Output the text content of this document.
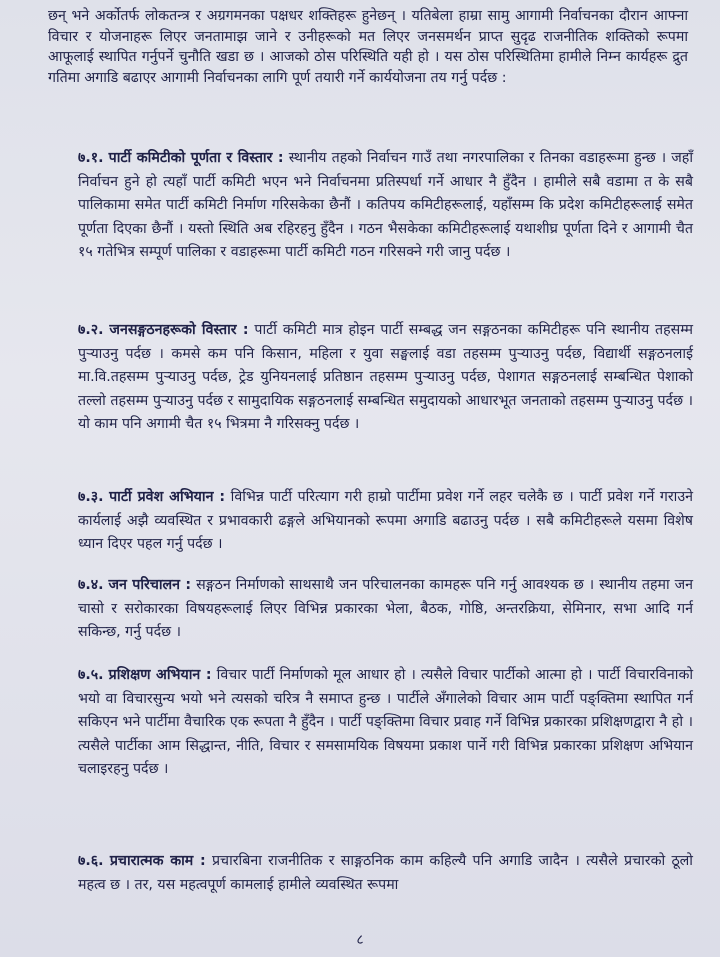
छन् भने अर्कोतर्फ लोकतन्त्र र अग्रगमनका पक्षधर शक्तिहरू हुनेछन् । यतिबेला हाम्रा सामु आगामी निर्वाचनका दौरान आफ्ना विचार र योजनाहरू लिएर जनतामाझ जाने र उनीहरूको मत लिएर जनसमर्थन प्राप्त सुदृढ राजनीतिक शक्तिको रूपमा आफूलाई स्थापित गर्नुपर्ने चुनौति खडा छ । आजको ठोस परिस्थिति यही हो । यस ठोस परिस्थितिमा हामीले निम्न कार्यहरू द्रुत गतिमा अगाडि बढाएर आगामी निर्वाचनका लागि पूर्ण तयारी गर्ने कार्ययोजना तय गर्नु पर्दछ :

७.१. पार्टी कमिटीको पूर्णता र विस्तार : स्थानीय तहको निर्वाचन गाउँ तथा नगरपालिका र तिनका वडाहरूमा हुन्छ । जहाँ निर्वाचन हुने हो त्यहाँ पार्टी कमिटी भएन भने निर्वाचनमा प्रतिस्पर्धा गर्ने आधार नै हुँदैन । हामीले सबै वडामा त के सबै पालिकामा समेत पार्टी कमिटी निर्माण गरिसकेका छैनौं । कतिपय कमिटीहरूलाई, यहाँसम्म कि प्रदेश कमिटीहरूलाई समेत पूर्णता दिएका छैनौं । यस्तो स्थिति अब रहिरहनु हुँदैन । गठन भैसकेका कमिटीहरूलाई यथाशीघ्र पूर्णता दिने र आगामी चैत १५ गतेभित्र सम्पूर्ण पालिका र वडाहरूमा पार्टी कमिटी गठन गरिसक्ने गरी जानु पर्दछ ।

७.२. जनसङ्गठनहरूको विस्तार : पार्टी कमिटी मात्र होइन पार्टी सम्बद्ध जन सङ्गठनका कमिटीहरू पनि स्थानीय तहसम्म पुऱ्याउनु पर्दछ । कमसे कम पनि किसान, महिला र युवा सङ्घलाई वडा तहसम्म पुऱ्याउनु पर्दछ, विद्यार्थी सङ्गठनलाई मा.वि.तहसम्म पुऱ्याउनु पर्दछ, ट्रेड युनियनलाई प्रतिष्ठान तहसम्म पुऱ्याउनु पर्दछ, पेशागत सङ्गठनलाई सम्बन्धित पेशाको तल्लो तहसम्म पुऱ्याउनु पर्दछ र सामुदायिक सङ्गठनलाई सम्बन्धित समुदायको आधारभूत जनताको तहसम्म पुऱ्याउनु पर्दछ । यो काम पनि अगामी चैत १५ भित्रमा नै गरिसक्नु पर्दछ ।

७.३. पार्टी प्रवेश अभियान : विभिन्न पार्टी परित्याग गरी हाम्रो पार्टीमा प्रवेश गर्ने लहर चलेकै छ । पार्टी प्रवेश गर्ने गराउने कार्यलाई अझै व्यवस्थित र प्रभावकारी ढङ्गले अभियानको रूपमा अगाडि बढाउनु पर्दछ । सबै कमिटीहरूले यसमा विशेष ध्यान दिएर पहल गर्नु पर्दछ ।

७.४. जन परिचालन : सङ्गठन निर्माणको साथसाथै जन परिचालनका कामहरू पनि गर्नु आवश्यक छ । स्थानीय तहमा जन चासो र सरोकारका विषयहरूलाई लिएर विभिन्न प्रकारका भेला, बैठक, गोष्ठि, अन्तरक्रिया, सेमिनार, सभा आदि गर्न सकिन्छ, गर्नु पर्दछ ।

७.५. प्रशिक्षण अभियान : विचार पार्टी निर्माणको मूल आधार हो । त्यसैले विचार पार्टीको आत्मा हो । पार्टी विचारविनाको भयो वा विचारसुन्य भयो भने त्यसको चरित्र नै समाप्त हुन्छ । पार्टीले अँगालेको विचार आम पार्टी पङ्क्तिमा स्थापित गर्न सकिएन भने पार्टीमा वैचारिक एक रूपता नै हुँदैन । पार्टी पङ्क्तिमा विचार प्रवाह गर्ने विभिन्न प्रकारका प्रशिक्षणद्वारा नै हो । त्यसैले पार्टीका आम सिद्धान्त, नीति, विचार र समसामयिक विषयमा प्रकाश पार्ने गरी विभिन्न प्रकारका प्रशिक्षण अभियान चलाइरहनु पर्दछ ।

७.६. प्रचारात्मक काम : प्रचारबिना राजनीतिक र साङ्गठनिक काम कहिल्यै पनि अगाडि जादैन । त्यसैले प्रचारको ठूलो महत्व छ । तर, यस महत्वपूर्ण कामलाई हामीले व्यवस्थित रूपमा

८
